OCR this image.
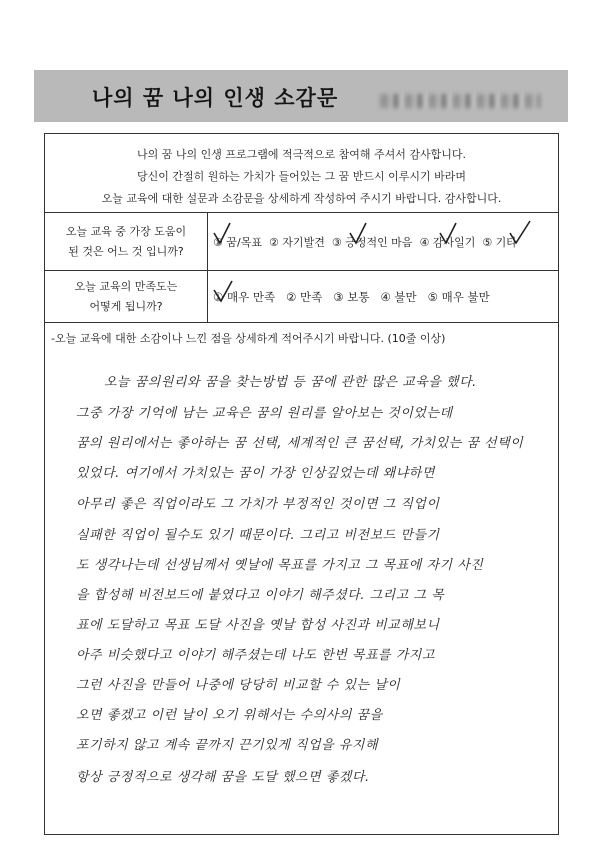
나의 꿈 나의 인생 소감문

나의 꿈 나의 인생 프로그램에 적극적으로 참여해 주셔서 감사합니다.

당신이 간절히 원하는 가치가 들어있는 그 꿈 반드시 이루시기 바라며

오늘 교육에 대한 설문과 소감문을 상세하게 작성하여 주시기 바랍니다. 감사합니다.

오늘 교육 중 가장 도움이
된 것은 어느 것 입니까?
① 꿈/목표 ② 자기발견 ③ 긍정적인 마음 ④ 감사일기 ⑤ 기타
오늘 교육의 만족도는
어떻게 됩니까?
① 매우 만족 ② 만족 ③ 보통 ④ 불만 ⑤ 매우 불만
-오늘 교육에 대한 소감이나 느낀 점을 상세하게 적어주시기 바랍니다. (10줄 이상)
오늘 꿈의원리와 꿈을 찾는방법 등 꿈에 관한 많은 교육을 했다.
그중 가장 기억에 남는 교육은 꿈의 원리를 알아보는 것이었는데
꿈의 원리에서는 좋아하는 꿈 선택, 세계적인 큰 꿈선택, 가치있는 꿈 선택이
있었다. 여기에서 가치있는 꿈이 가장 인상깊었는데 왜냐하면
아무리 좋은 직업이라도 그 가치가 부정적인 것이면 그 직업이
실패한 직업이 될수도 있기 때문이다. 그리고 비전보드 만들기
도 생각나는데 선생님께서 옛날에 목표를 가지고 그 목표에 자기 사진
을 합성해 비전보드에 붙였다고 이야기 해주셨다. 그리고 그 목
표에 도달하고 목표 도달 사진을 옛날 합성 사진과 비교해보니
아주 비슷했다고 이야기 해주셨는데 나도 한번 목표를 가지고
그런 사진을 만들어 나중에 당당히 비교할 수 있는 날이
오면 좋겠고 이런 날이 오기 위해서는 수의사의 꿈을
포기하지 않고 계속 끝까지 끈기있게 직업을 유지해
항상 긍정적으로 생각해 꿈을 도달 했으면 좋겠다.
